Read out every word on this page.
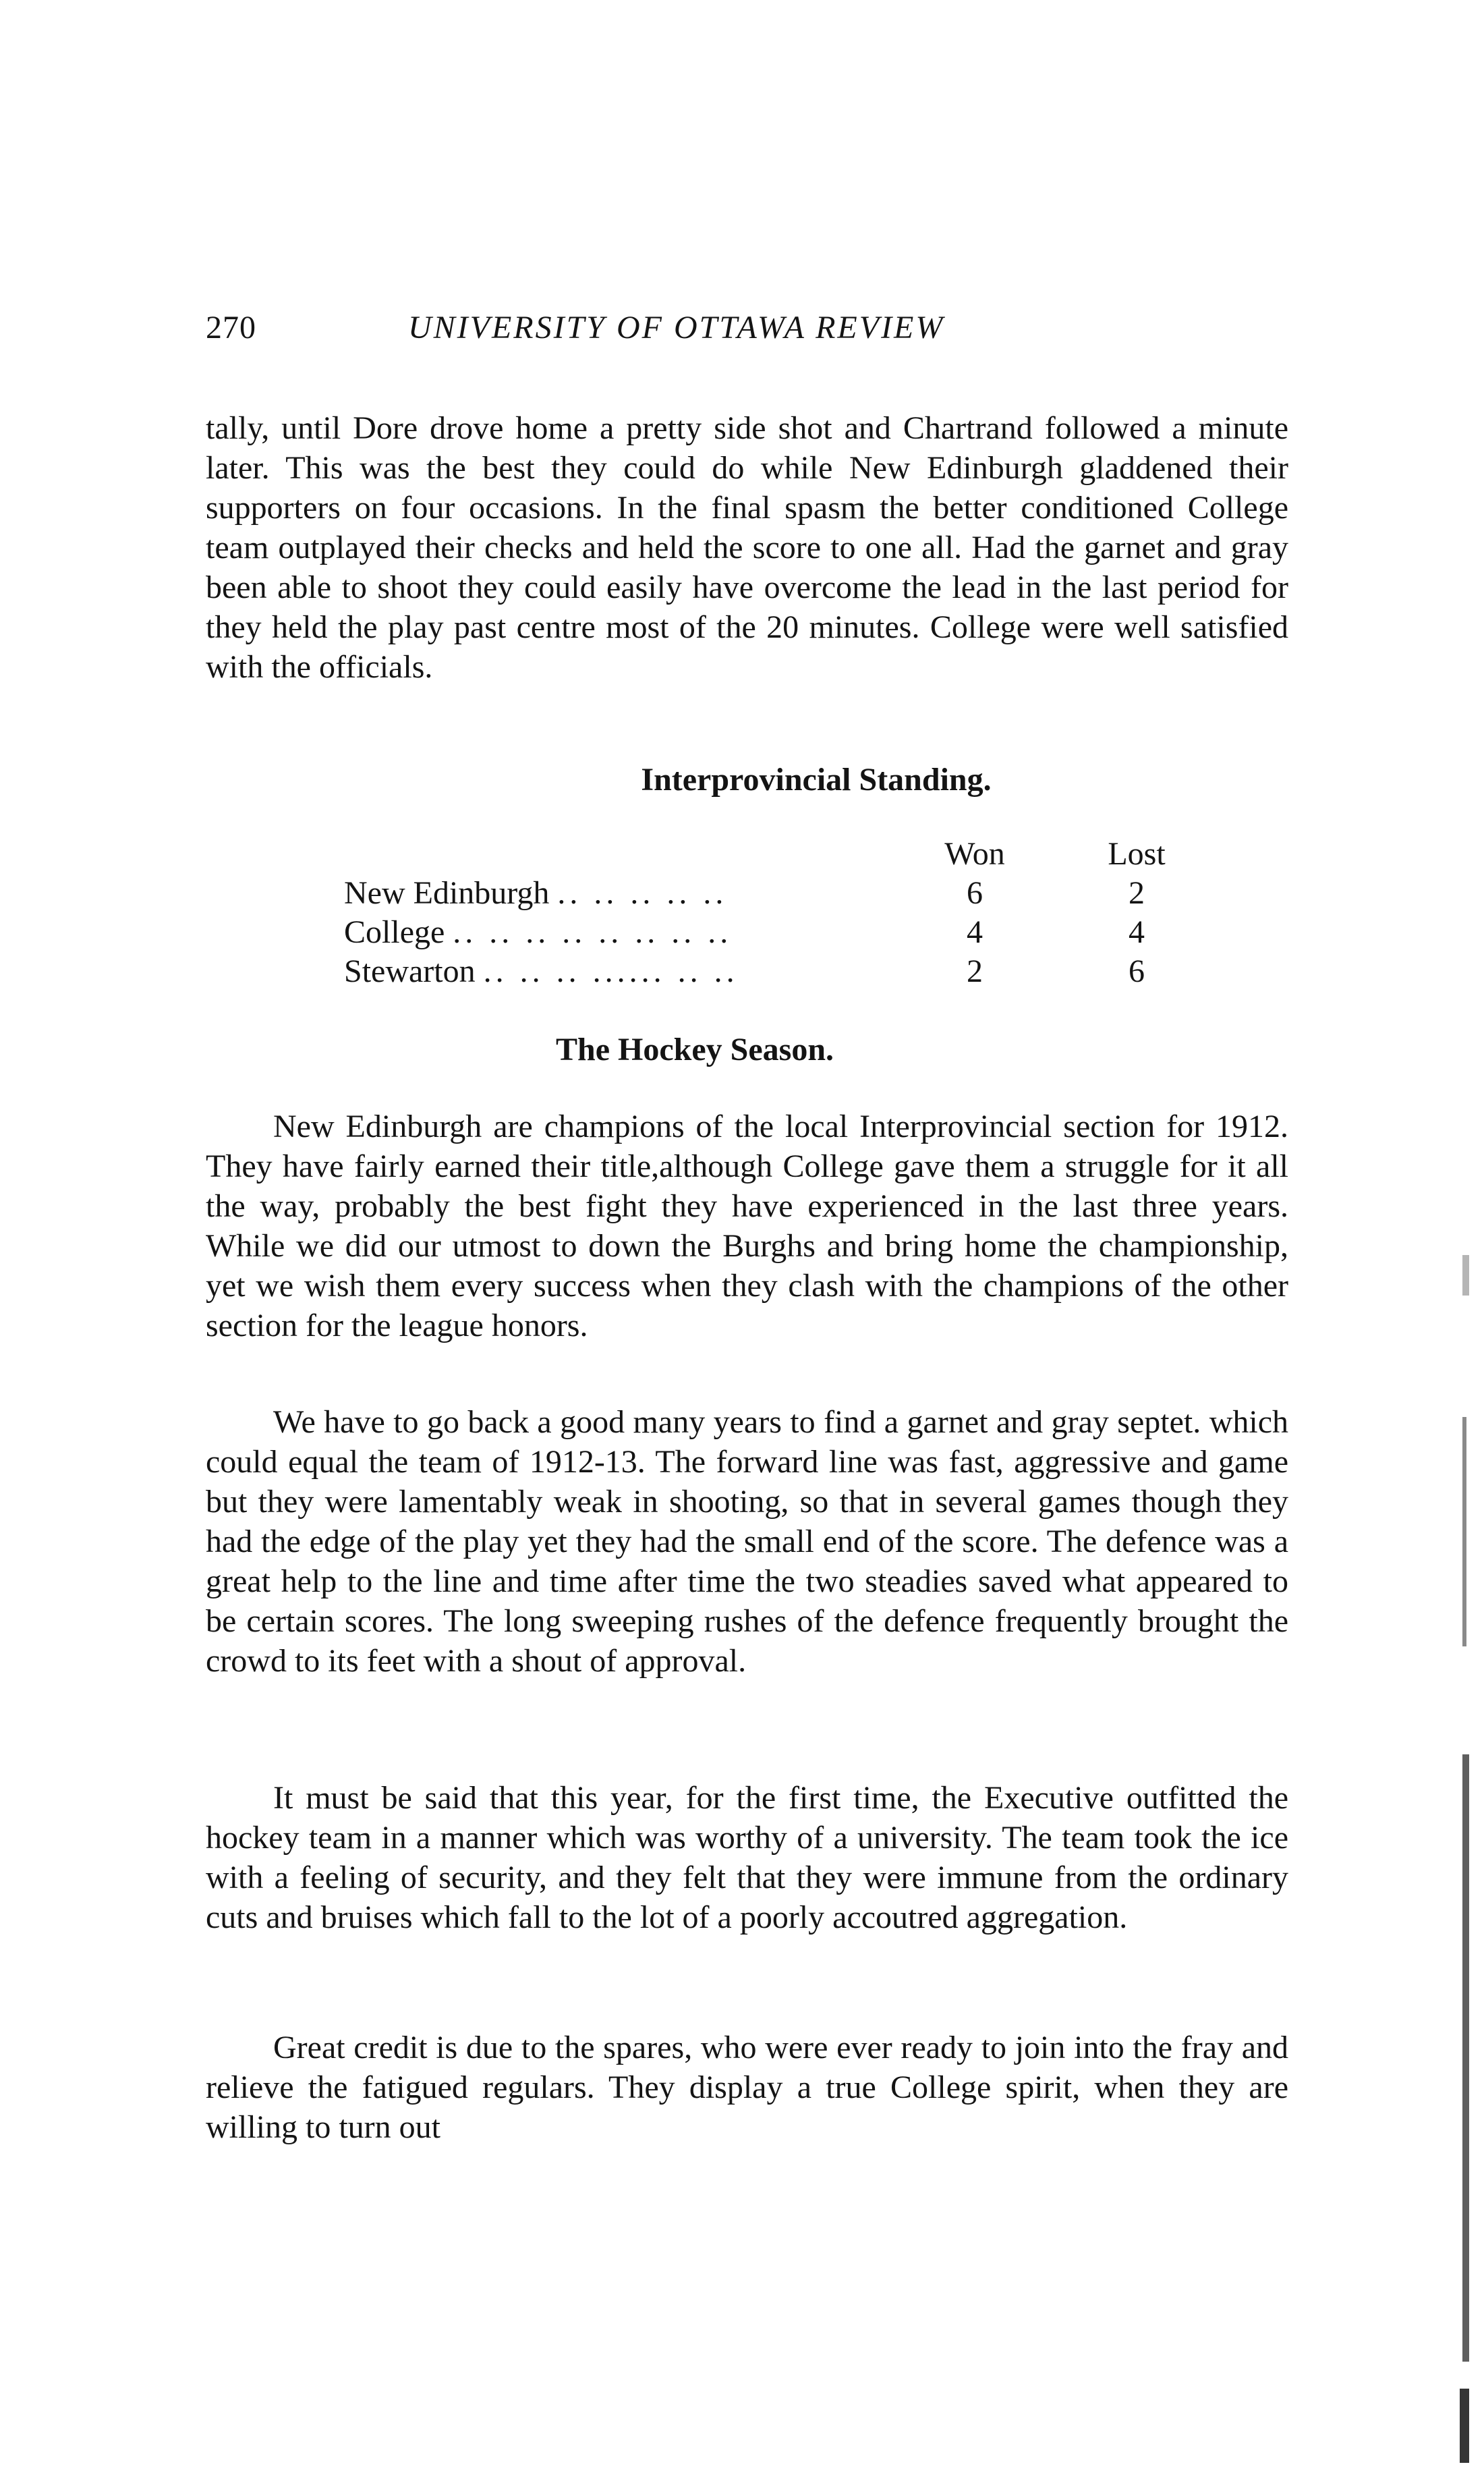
270	UNIVERSITY OF OTTAWA REVIEW

tally, until Dore drove home a pretty side shot and Chartrand followed a minute later. This was the best they could do while New Edinburgh gladdened their supporters on four occasions. In the final spasm the better conditioned College team outplayed their checks and held the score to one all. Had the garnet and gray been able to shoot they could easily have overcome the lead in the last period for they held the play past centre most of the 20 minutes. College were well satisfied with the officials.

Interprovincial Standing.
Won	Lost
New Edinburgh .. .. .. .. ..	6	2
College .. .. .. .. .. .. .. ..	4	4
Stewarton .. .. .. ...... .. ..	2	6
The Hockey Season.

New Edinburgh are champions of the local Interprovincial section for 1912. They have fairly earned their title,although College gave them a struggle for it all the way, probably the best fight they have experienced in the last three years. While we did our utmost to down the Burghs and bring home the championship, yet we wish them every success when they clash with the champions of the other section for the league honors.

We have to go back a good many years to find a garnet and gray septet. which could equal the team of 1912-13. The forward line was fast, aggressive and game but they were lamentably weak in shooting, so that in several games though they had the edge of the play yet they had the small end of the score. The defence was a great help to the line and time after time the two steadies saved what appeared to be certain scores. The long sweeping rushes of the defence frequently brought the crowd to its feet with a shout of approval.

It must be said that this year, for the first time, the Executive outfitted the hockey team in a manner which was worthy of a university. The team took the ice with a feeling of security, and they felt that they were immune from the ordinary cuts and bruises which fall to the lot of a poorly accoutred aggregation.

Great credit is due to the spares, who were ever ready to join into the fray and relieve the fatigued regulars. They display a true College spirit, when they are willing to turn out
